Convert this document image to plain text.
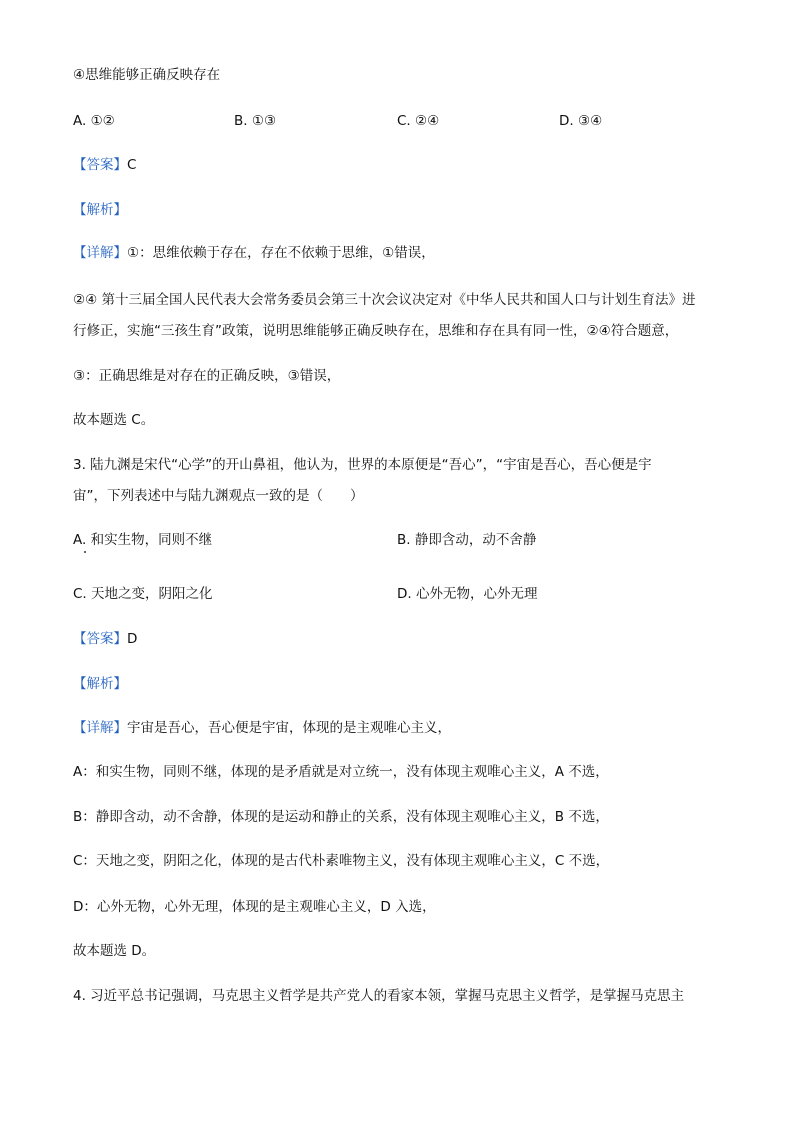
④思维能够正确反映存在
A. ①②	B. ①③	C. ②④	D. ③④
【答案】C
【解析】
【详解】①：思维依赖于存在，存在不依赖于思维，①错误，
②④ 第十三届全国人民代表大会常务委员会第三十次会议决定对《中华人民共和国人口与计划生育法》进
行修正，实施“三孩生育”政策，说明思维能够正确反映存在，思维和存在具有同一性，②④符合题意，
③：正确思维是对存在的正确反映，③错误，
故本题选 C。
3. 陆九渊是宋代“心学”的开山鼻祖，他认为，世界的本原便是“吾心”，“宇宙是吾心，吾心便是宇
宙”，下列表述中与陆九渊观点一致的是（　　）
A. 和实生物，同则不继	B. 静即含动，动不舍静
C. 天地之变，阴阳之化	D. 心外无物，心外无理
【答案】D
【解析】
【详解】宇宙是吾心，吾心便是宇宙，体现的是主观唯心主义，
A：和实生物，同则不继，体现的是矛盾就是对立统一，没有体现主观唯心主义，A 不选，
B：静即含动，动不舍静，体现的是运动和静止的关系，没有体现主观唯心主义，B 不选，
C：天地之变，阴阳之化，体现的是古代朴素唯物主义，没有体现主观唯心主义，C 不选，
D：心外无物，心外无理，体现的是主观唯心主义，D 入选，
故本题选 D。
4. 习近平总书记强调，马克思主义哲学是共产党人的看家本领，掌握马克思主义哲学，是掌握马克思主
